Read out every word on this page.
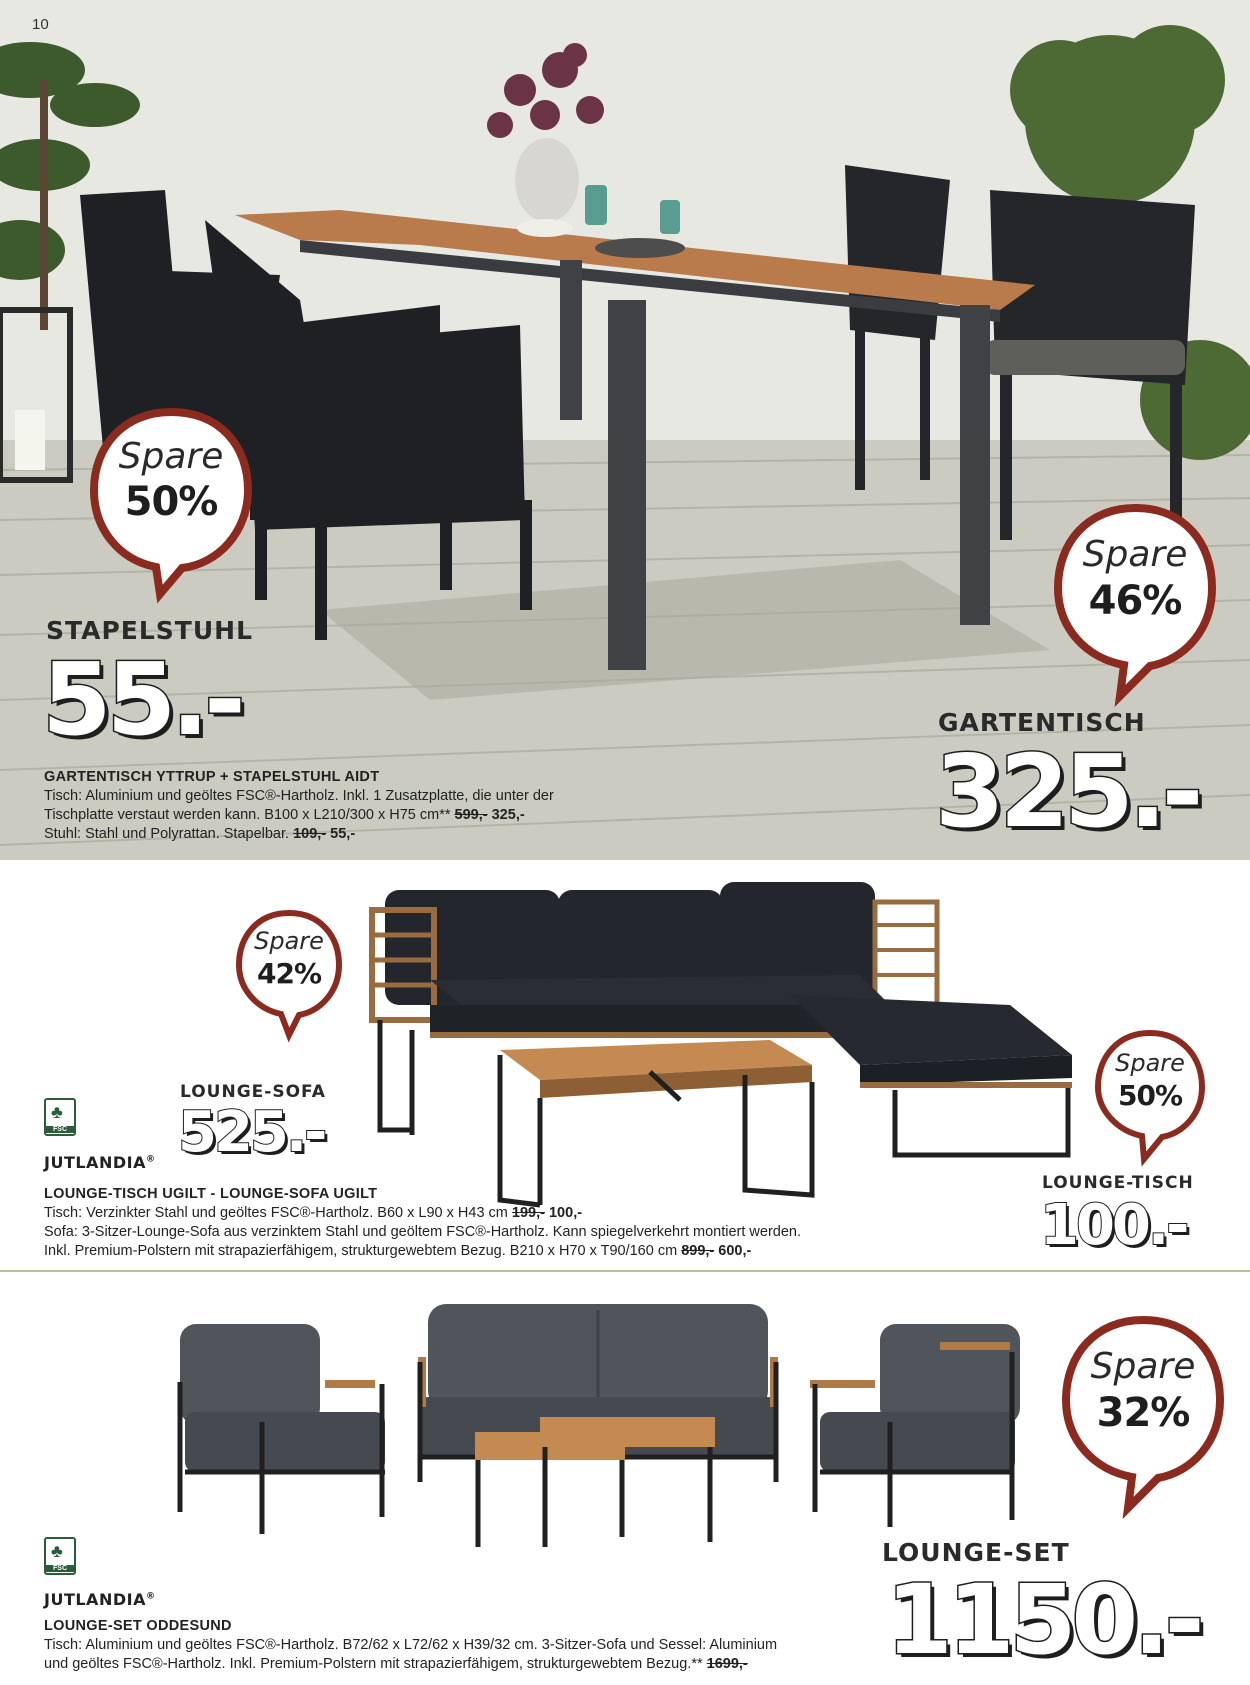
10
Spare
50%
Spare
46%
STAPELSTUHL
55.-	GARTENTISCH
325.-
GARTENTISCH YTTRUP + STAPELSTUHL AIDT
Tisch: Aluminium und geöltes FSC®-Hartholz. Inkl. 1 Zusatzplatte, die unter der
Tischplatte verstaut werden kann. B100 x L210/300 x H75 cm** 599,- 325,-
Stuhl: Stahl und Polyrattan. Stapelbar. 109,- 55,-
Spare
42%
Spare
50%
LOUNGE-SOFA
525.-
♣
FSC
JUTLANDIA®
LOUNGE-TISCH
100.-
LOUNGE-TISCH UGILT - LOUNGE-SOFA UGILT
Tisch: Verzinkter Stahl und geöltes FSC®-Hartholz. B60 x L90 x H43 cm 199,- 100,-
Sofa: 3-Sitzer-Lounge-Sofa aus verzinktem Stahl und geöltem FSC®-Hartholz. Kann spiegelverkehrt montiert werden.
Inkl. Premium-Polstern mit strapazierfähigem, strukturgewebtem Bezug. B210 x H70 x T90/160 cm 899,- 600,-
Spare
32%
♣
FSC
JUTLANDIA®
LOUNGE-SET
1150.-
LOUNGE-SET ODDESUND
Tisch: Aluminium und geöltes FSC®-Hartholz. B72/62 x L72/62 x H39/32 cm. 3-Sitzer-Sofa und Sessel: Aluminium
und geöltes FSC®-Hartholz. Inkl. Premium-Polstern mit strapazierfähigem, strukturgewebtem Bezug.** 1699,-
